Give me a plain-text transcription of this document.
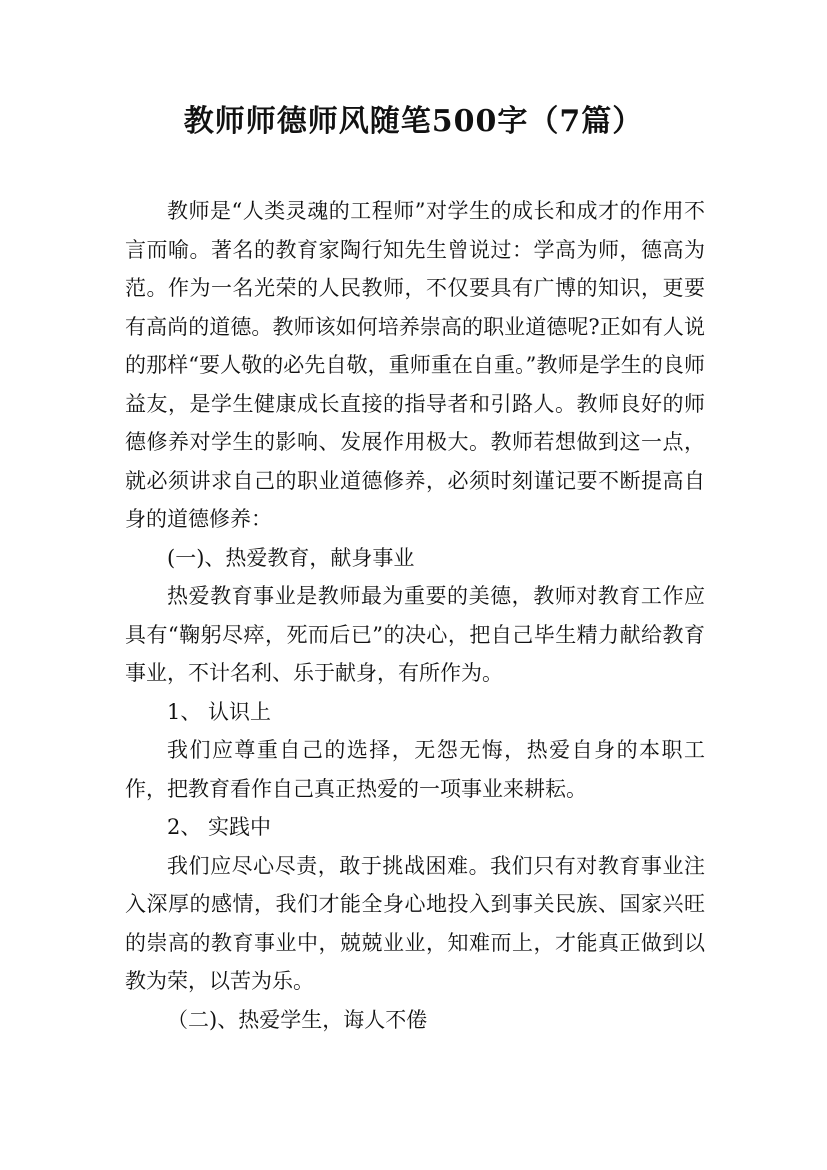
教师师德师风随笔500字（7篇）

教师是“人类灵魂的工程师”对学生的成长和成才的作用不言而喻。著名的教育家陶行知先生曾说过：学高为师，德高为范。作为一名光荣的人民教师，不仅要具有广博的知识，更要有高尚的道德。教师该如何培养崇高的职业道德呢?正如有人说的那样“要人敬的必先自敬，重师重在自重。”教师是学生的良师益友，是学生健康成长直接的指导者和引路人。教师良好的师德修养对学生的影响、发展作用极大。教师若想做到这一点，就必须讲求自己的职业道德修养，必须时刻谨记要不断提高自身的道德修养：

(一)、热爱教育，献身事业

热爱教育事业是教师最为重要的美德，教师对教育工作应具有“鞠躬尽瘁，死而后已”的决心，把自己毕生精力献给教育事业，不计名利、乐于献身，有所作为。

1、 认识上

我们应尊重自己的选择，无怨无悔，热爱自身的本职工作，把教育看作自己真正热爱的一项事业来耕耘。

2、 实践中

我们应尽心尽责，敢于挑战困难。我们只有对教育事业注入深厚的感情，我们才能全身心地投入到事关民族、国家兴旺的崇高的教育事业中，兢兢业业，知难而上，才能真正做到以教为荣，以苦为乐。

（二)、热爱学生，诲人不倦
